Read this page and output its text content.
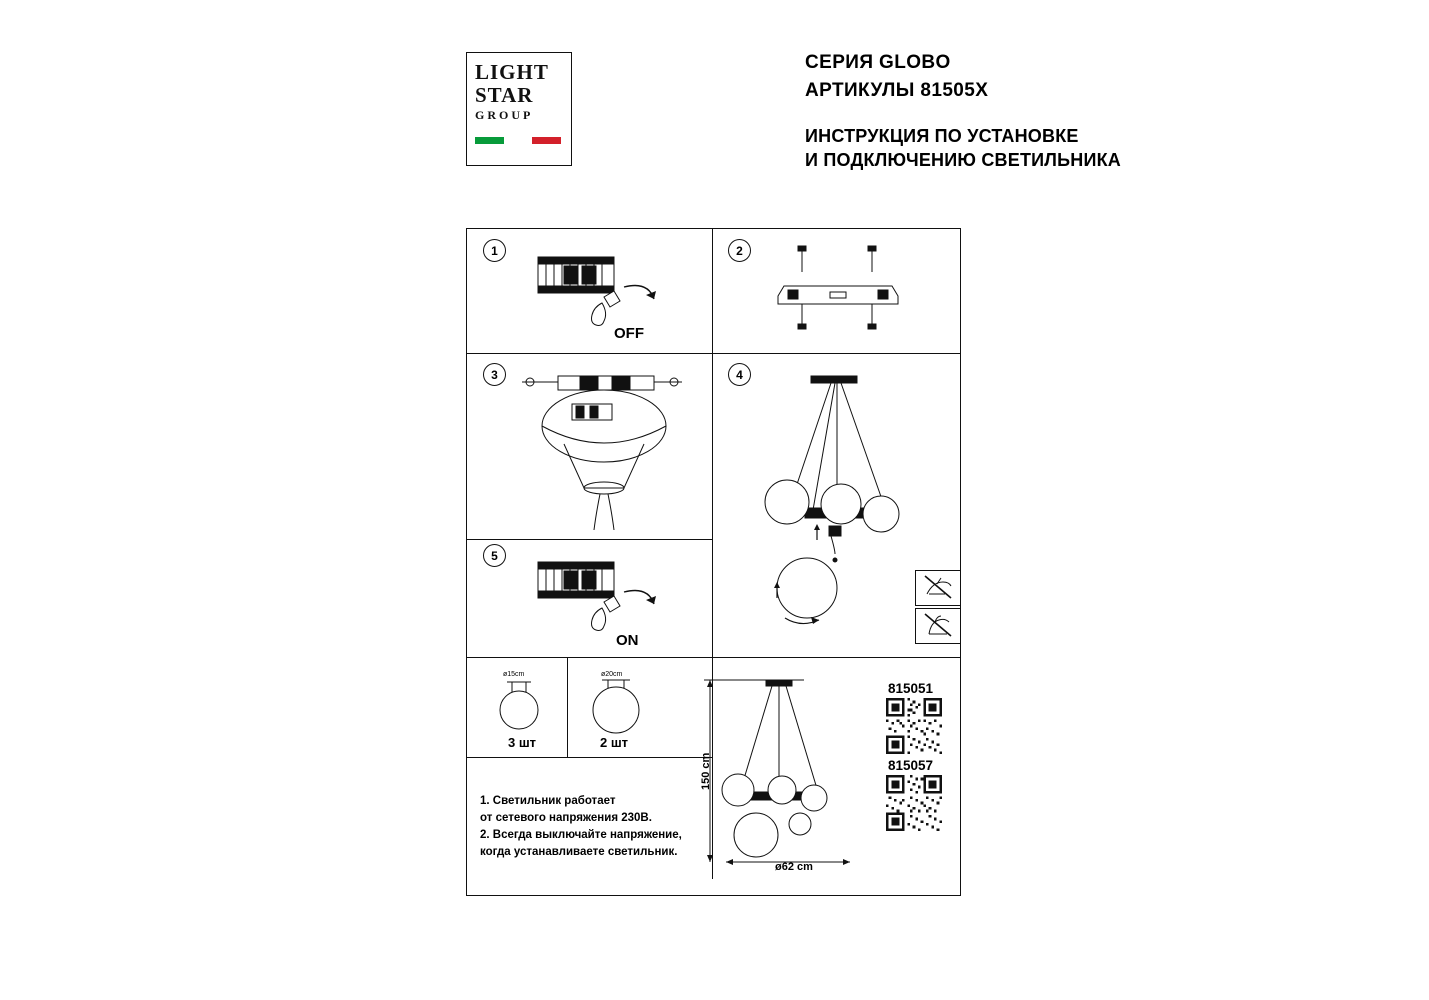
LIGHT
STAR
GROUP
СЕРИЯ GLOBO
АРТИКУЛЫ 81505X
ИНСТРУКЦИЯ ПО УСТАНОВКЕ
И ПОДКЛЮЧЕНИЮ СВЕТИЛЬНИКА
1	2
3	4
5
OFF
ON
ø15cm
3 шт
ø20cm
2 шт
1. Светильник работает
от сетевого напряжения 230В.
2. Всегда выключайте напряжение,
когда устанавливаете светильник.
150 cm
ø62 cm
815051
815057
